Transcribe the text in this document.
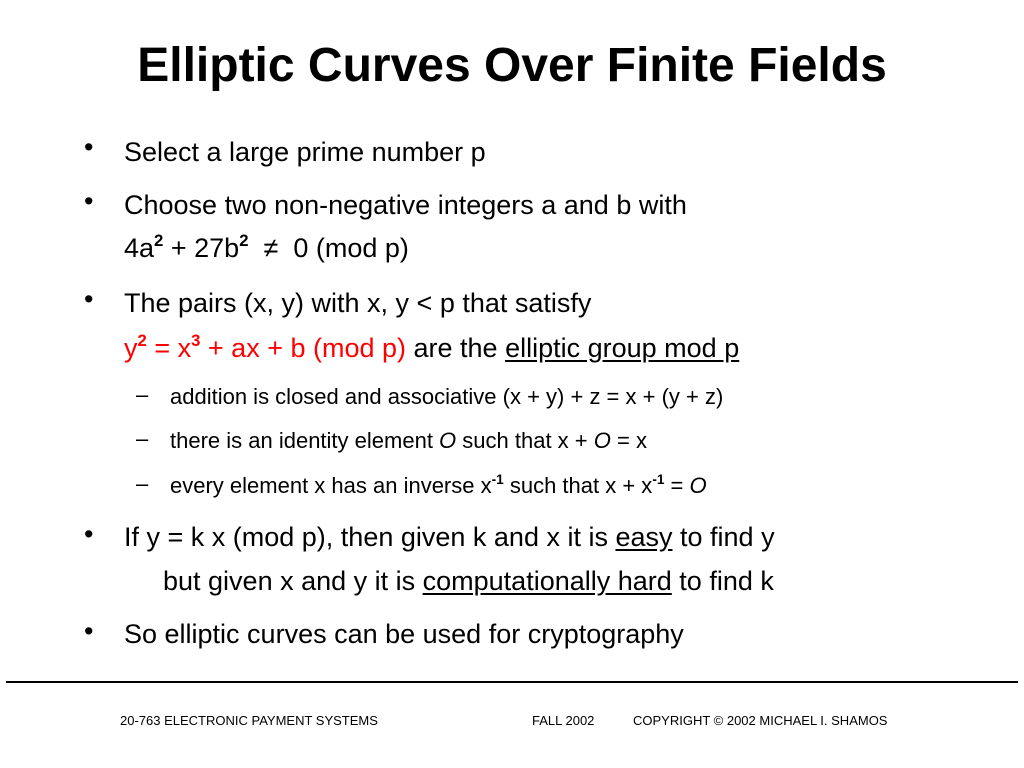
Elliptic Curves Over Finite Fields
• Select a large prime number p
• Choose two non-negative integers a and b with
$4a^2 + 27b^2 \ne 0$ (mod p)
• The pairs (x, y) with x, y < p that satisfy
$y^2 = x^3$ + ax + b (mod p) are the elliptic group mod p
– addition is closed and associative (x + y) + z = x + (y + z)
– there is an identity element O such that x + O = x
– every element x has an inverse $x^{-1}$ such that $x + x^{-1} = O$
• If y = k x (mod p), then given k and x it is easy to find y
but given x and y it is computationally hard to find k
• So elliptic curves can be used for cryptography
20-763 ELECTRONIC PAYMENT SYSTEMS	FALL 2002	COPYRIGHT © 2002 MICHAEL I. SHAMOS
